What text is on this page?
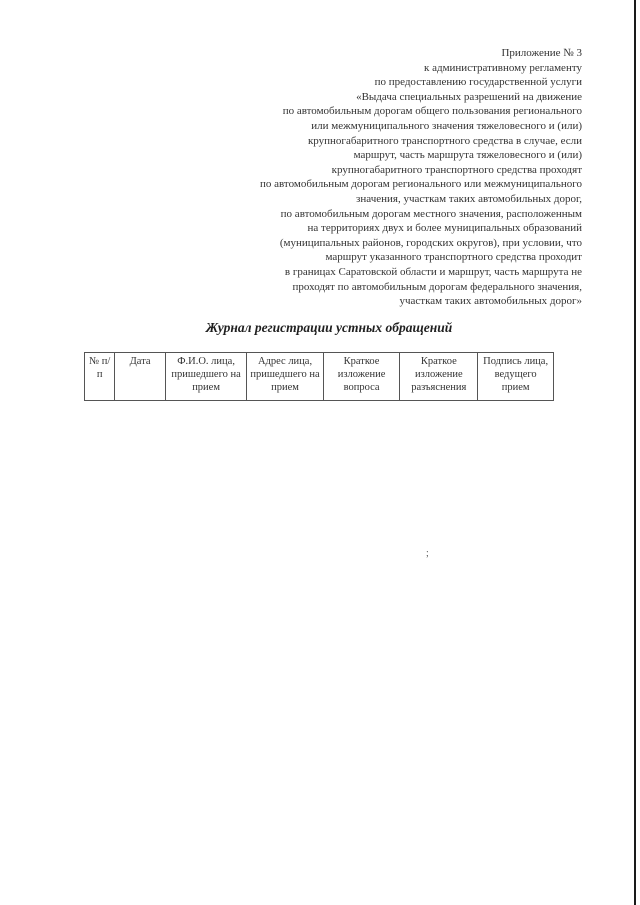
Приложение № 3
к административному регламенту
по предоставлению государственной услуги
«Выдача специальных разрешений на движение
по автомобильным дорогам общего пользования регионального
или межмуниципального значения тяжеловесного и (или)
крупногабаритного транспортного средства в случае, если
маршрут, часть маршрута тяжеловесного и (или)
крупногабаритного транспортного средства проходят
по автомобильным дорогам регионального или межмуниципального
значения, участкам таких автомобильных дорог,
по автомобильным дорогам местного значения, расположенным
на территориях двух и более муниципальных образований
(муниципальных районов, городских округов), при условии, что
маршрут указанного транспортного средства проходит
в границах Саратовской области и маршрут, часть маршрута не
проходят по автомобильным дорогам федерального значения,
участкам таких автомобильных дорог»
Журнал регистрации устных обращений
№ п/п	Дата	Ф.И.О. лица, пришедшего на прием	Адрес лица, пришедшего на прием	Краткое изложение вопроса	Краткое изложение разъяснения	Подпись лица, ведущего прием
;
